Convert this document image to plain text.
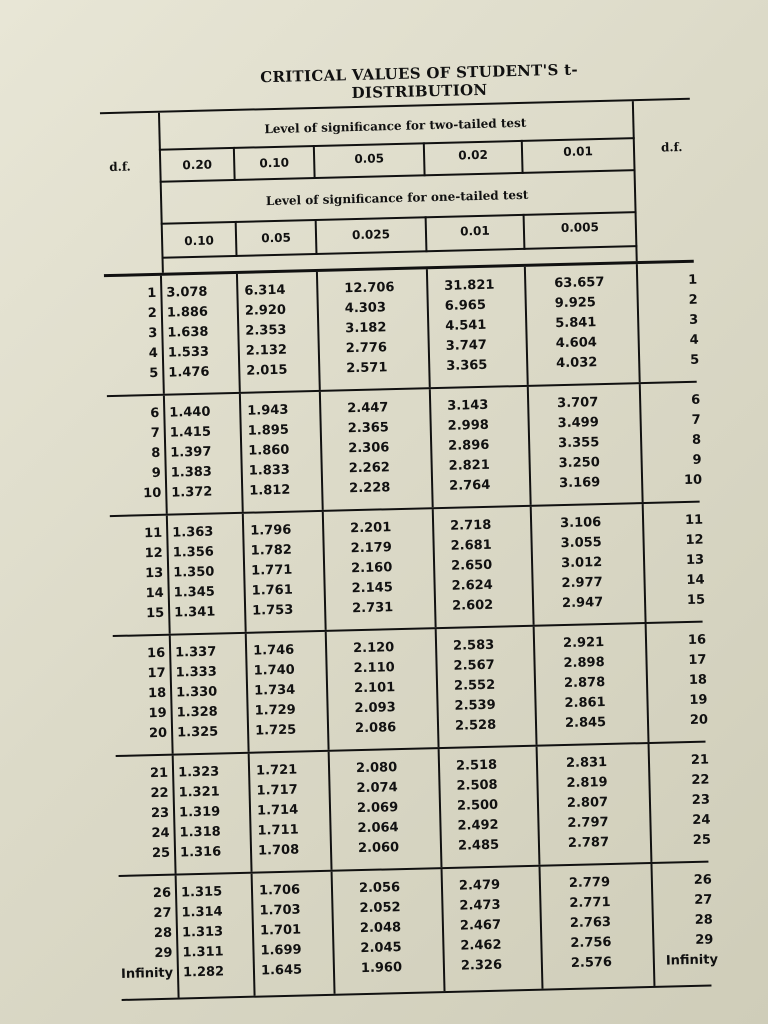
CRITICAL VALUES OF STUDENT'S t-DISTRIBUTION
Level of significance for two-tailed test
Level of significance for one-tailed test
d.f.
d.f.
0.20	0.10	0.05	0.02	0.01
0.10	0.05	0.025	0.01	0.005
1 3.078	6.314	12.706	31.821	63.657	1
2 1.886	2.920	4.303	6.965	9.925	2
3 1.638	2.353	3.182	4.541	5.841	3
4 1.533	2.132	2.776	3.747	4.604	4
5 1.476	2.015	2.571	3.365	4.032	5
6 1.440	1.943	2.447	3.143	3.707	6
7 1.415	1.895	2.365	2.998	3.499	7
8 1.397	1.860	2.306	2.896	3.355	8
9 1.383	1.833	2.262	2.821	3.250	9
10 1.372	1.812	2.228	2.764	3.169	10
11 1.363	1.796	2.201	2.718	3.106	11
12 1.356	1.782	2.179	2.681	3.055	12
13 1.350	1.771	2.160	2.650	3.012	13
14 1.345	1.761	2.145	2.624	2.977	14
15 1.341	1.753	2.731	2.602	2.947	15
16 1.337	1.746	2.120	2.583	2.921	16
17 1.333	1.740	2.110	2.567	2.898	17
18 1.330	1.734	2.101	2.552	2.878	18
19 1.328	1.729	2.093	2.539	2.861	19
20 1.325	1.725	2.086	2.528	2.845	20
21 1.323	1.721	2.080	2.518	2.831	21
22 1.321	1.717	2.074	2.508	2.819	22
23 1.319	1.714	2.069	2.500	2.807	23
24 1.318	1.711	2.064	2.492	2.797	24
25 1.316	1.708	2.060	2.485	2.787	25
26 1.315	1.706	2.056	2.479	2.779	26
27 1.314	1.703	2.052	2.473	2.771	27
28 1.313	1.701	2.048	2.467	2.763	28
29 1.311	1.699	2.045	2.462	2.756	29
Infinity 1.282	1.645	1.960	2.326	2.576	Infinity
